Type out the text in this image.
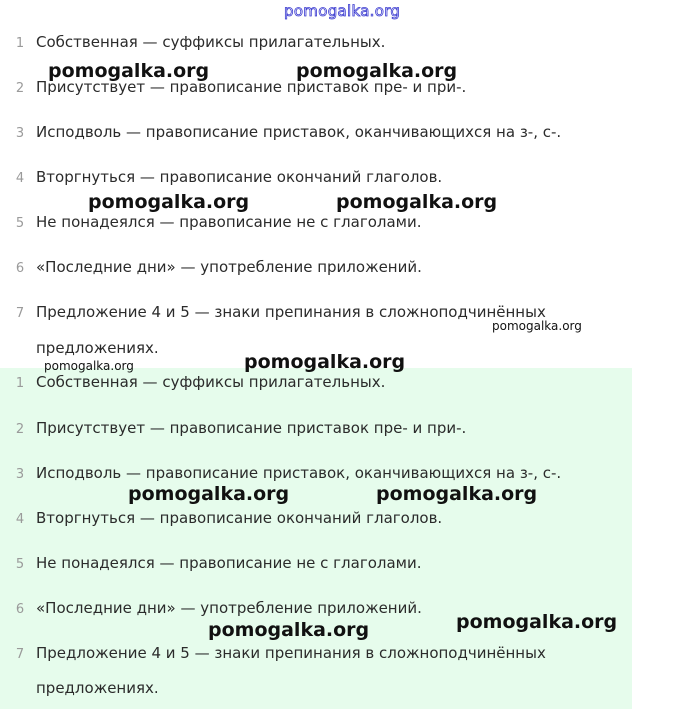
pomogalka.org
1 Собственная — суффиксы прилагательных.
2 Присутствует — правописание приставок пре- и при-.
3 Исподволь — правописание приставок, оканчивающихся на з-, с-.
4 Вторгнуться — правописание окончаний глаголов.
5 Не понадеялся — правописание не с глаголами.
6 «Последние дни» — употребление приложений.
7 Предложение 4 и 5 — знаки препинания в сложноподчинённых
предложениях.
1 Собственная — суффиксы прилагательных.
2 Присутствует — правописание приставок пре- и при-.
3 Исподволь — правописание приставок, оканчивающихся на з-, с-.
4 Вторгнуться — правописание окончаний глаголов.
5 Не понадеялся — правописание не с глаголами.
6 «Последние дни» — употребление приложений.
7 Предложение 4 и 5 — знаки препинания в сложноподчинённых
предложениях.
pomogalka.org	pomogalka.org
pomogalka.org	pomogalka.org
pomogalka.org
pomogalka.org	pomogalka.org
pomogalka.org	pomogalka.org
pomogalka.org
pomogalka.org
